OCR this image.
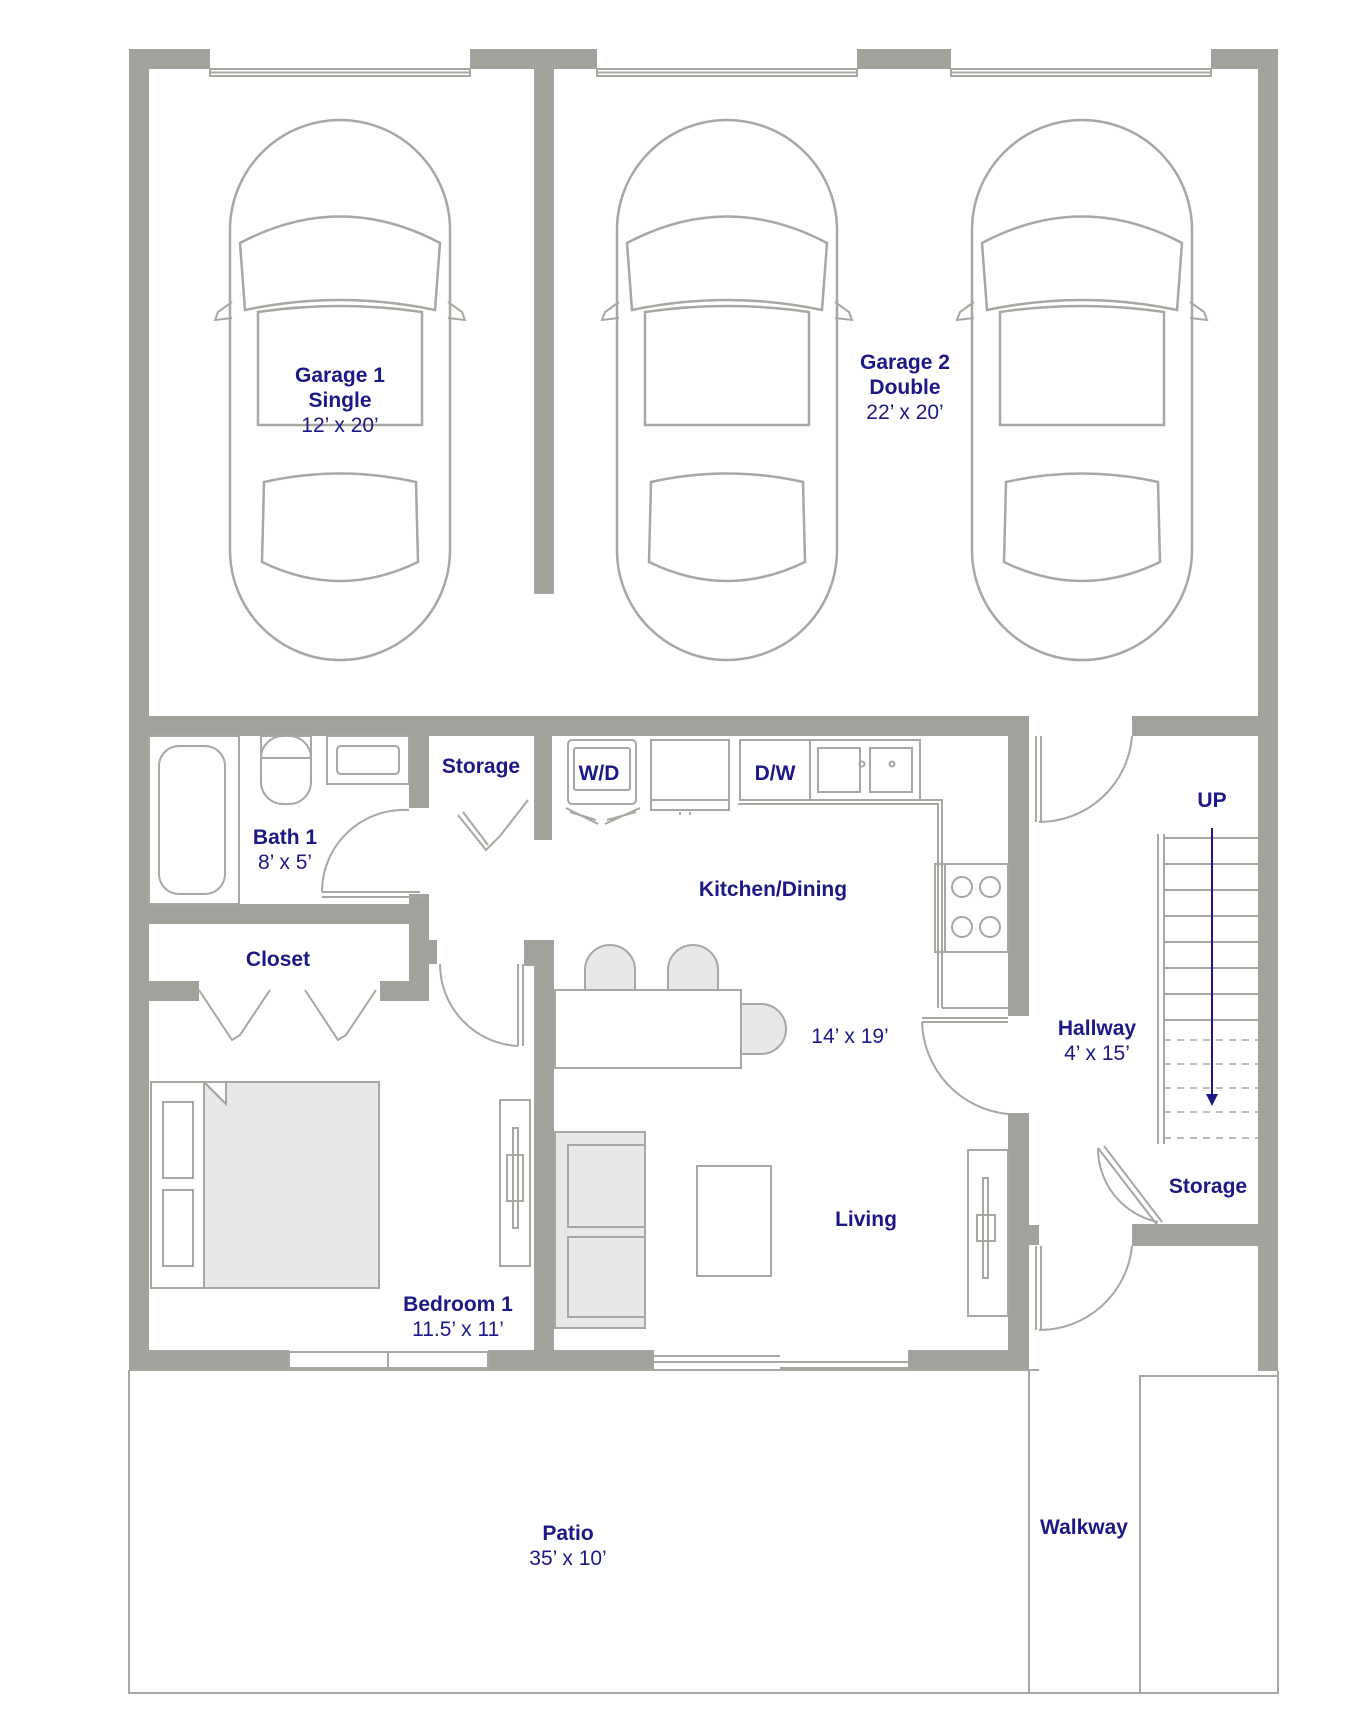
Garage 1
Single
12’ x 20’
Garage 2
Double
22’ x 20’
Storage	W/D	D/W
UP
Bath 1
8’ x 5’
Kitchen/Dining
14’ x 19’
Closet
Hallway
4’ x 15’
Storage
Living
Bedroom 1
11.5’ x 11’
Patio
35’ x 10’
Walkway
